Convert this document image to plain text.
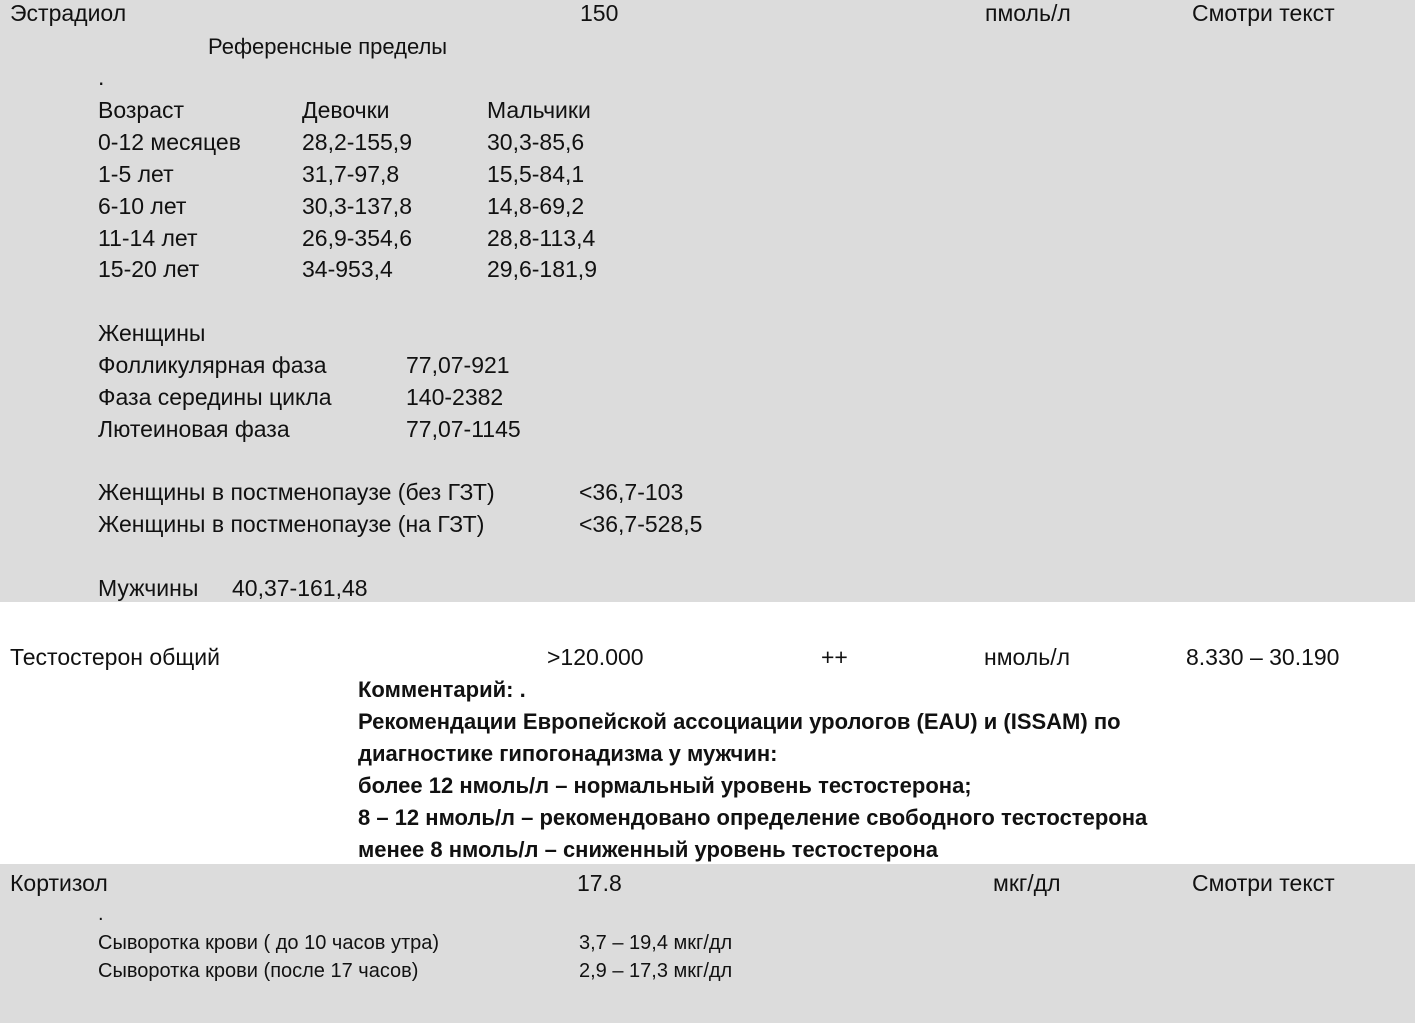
Эстрадиол	150	пмоль/л	Смотри текст
Референсные пределы
.
Возраст	Девочки	Мальчики
0-12 месяцев	28,2-155,9	30,3-85,6
1-5 лет	31,7-97,8	15,5-84,1
6-10 лет	30,3-137,8	14,8-69,2
11-14 лет	26,9-354,6	28,8-113,4
15-20 лет	34-953,4	29,6-181,9
Женщины
Фолликулярная фаза	77,07-921
Фаза середины цикла	140-2382
Лютеиновая фаза	77,07-1145
Женщины в постменопаузе (без ГЗТ)	<36,7-103
Женщины в постменопаузе (на ГЗТ)	<36,7-528,5
Мужчины 40,37-161,48
Тестостерон общий	>120.000	++	нмоль/л	8.330 – 30.190
Комментарий: .
Рекомендации Европейской ассоциации урологов (EAU) и (ISSAM) по
диагностике гипогонадизма у мужчин:
более 12 нмоль/л – нормальный уровень тестостерона;
8 – 12 нмоль/л – рекомендовано определение свободного тестостерона
менее 8 нмоль/л – сниженный уровень тестостерона
Кортизол	17.8	мкг/дл	Смотри текст
.
Сыворотка крови ( до 10 часов утра)	3,7 – 19,4 мкг/дл
Сыворотка крови (после 17 часов)	2,9 – 17,3 мкг/дл
